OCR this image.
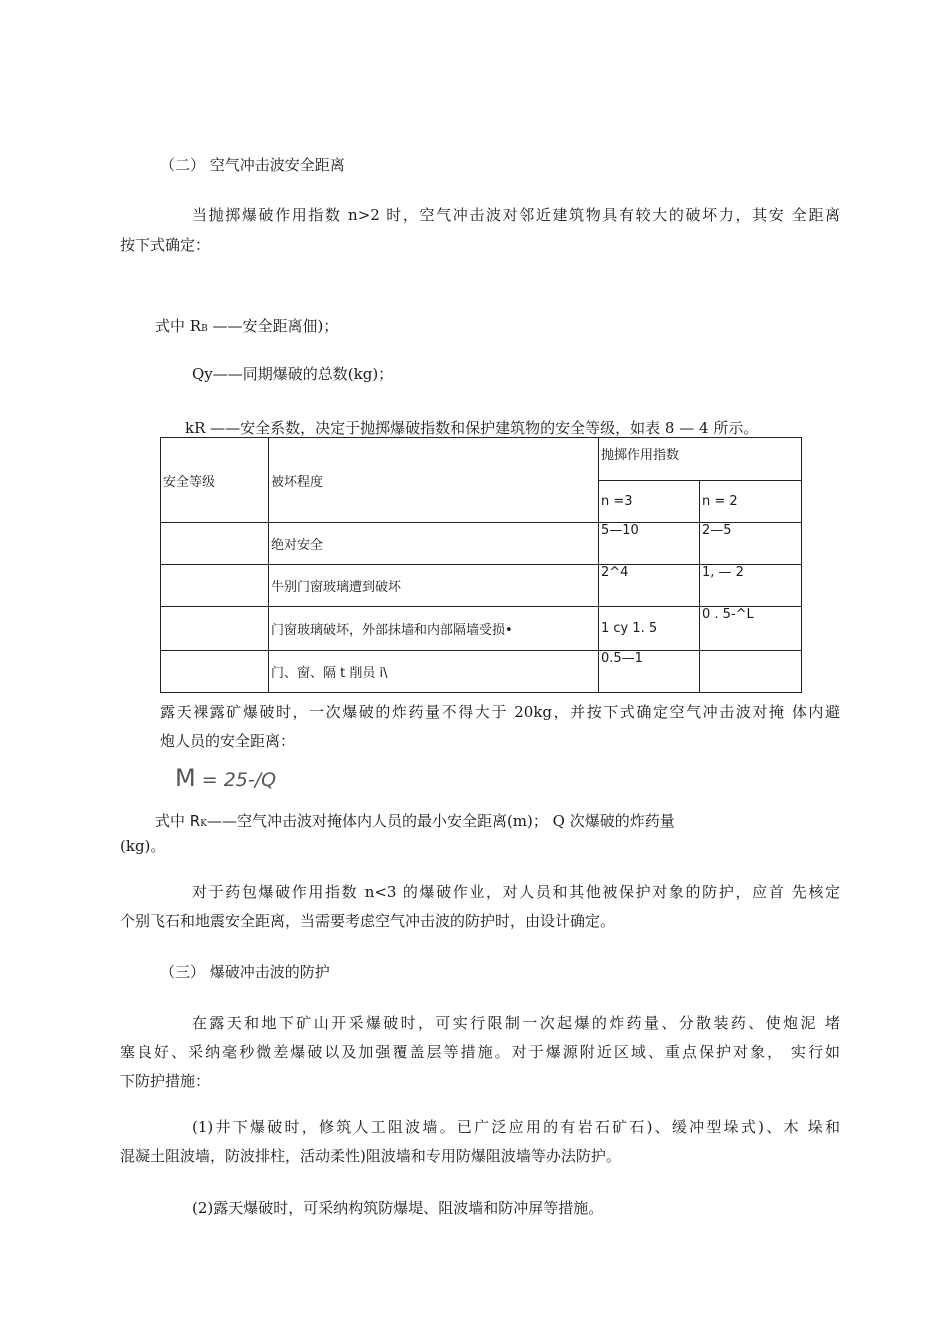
（二） 空气冲击波安全距离
当抛掷爆破作用指数 n>2 时，空气冲击波对邻近建筑物具有较大的破坏力，其安 全距离
按下式确定：
式中 RB ——安全距离佃)；
Qy——同期爆破的总数(kg)；
kR ——安全系数，决定于抛掷爆破指数和保护建筑物的安全等级，如表 8 — 4 所示。
安全等级	被坏程度	抛掷作用指数	
		n =3	n = 2
	绝对安全	5—10	2—5
	牛别门窗玻璃遭到破坏	2^4	1, — 2
	门窗玻璃破坏，外部抹墙和内部隔墙受损•	1 cy 1. 5	0 . 5-^L
	门、窗、隔 t 削员 i\	0.5—1	
露天裸露矿爆破时，一次爆破的炸药量不得大于 20kg，并按下式确定空气冲击波对掩 体内避
炮人员的安全距离：
M = 25-/Q
式中 RK——空气冲击波对掩体内人员的最小安全距离(m)； Q 次爆破的炸药量
(kg)。
对于药包爆破作用指数 n<3 的爆破作业，对人员和其他被保护对象的防护，应首 先核定
个别飞石和地震安全距离，当需要考虑空气冲击波的防护时，由设计确定。
（三） 爆破冲击波的防护
在露天和地下矿山开采爆破时，可实行限制一次起爆的炸药量、分散装药、使炮泥 堵
塞良好、采纳毫秒微差爆破以及加强覆盖层等措施。对于爆源附近区域、重点保护对象， 实行如
下防护措施：
(1)井下爆破时，修筑人工阻波墙。已广泛应用的有岩石矿石)、缓冲型垛式)、木 垛和
混凝土阻波墙，防波排柱，活动柔性)阻波墙和专用防爆阻波墙等办法防护。
(2)露天爆破时，可采纳构筑防爆堤、阻波墙和防冲屏等措施。
